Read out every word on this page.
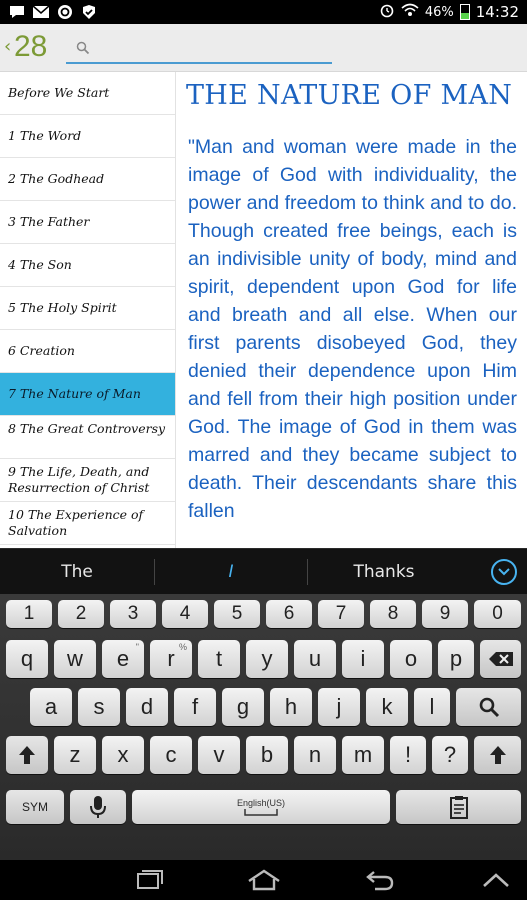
46% 14:32
‹ 28
Before We Start
1 The Word
2 The Godhead
3 The Father
4 The Son
5 The Holy Spirit
6 Creation
7 The Nature of Man
8 The Great Controversy
9 The Life, Death, and Resurrection of Christ
10 The Experience of Salvation
THE NATURE OF MAN

"Man and woman were made in the image of God with individuality, the power and freedom to think and to do. Though created free beings, each is an indivisible unity of body, mind and spirit, dependent upon God for life and breath and all else. When our first parents disobeyed God, they denied their dependence upon Him and fell from their high position under God. The image of God in them was marred and they became subject to death. Their descendants share this fallen

The	I	Thanks
1 2 3 4 5 6 7 8 9 0
q w	"
e	%
r t y u i o p
a s d f g h j k l
z x c v b n m ! ?
SYM	English(US)
